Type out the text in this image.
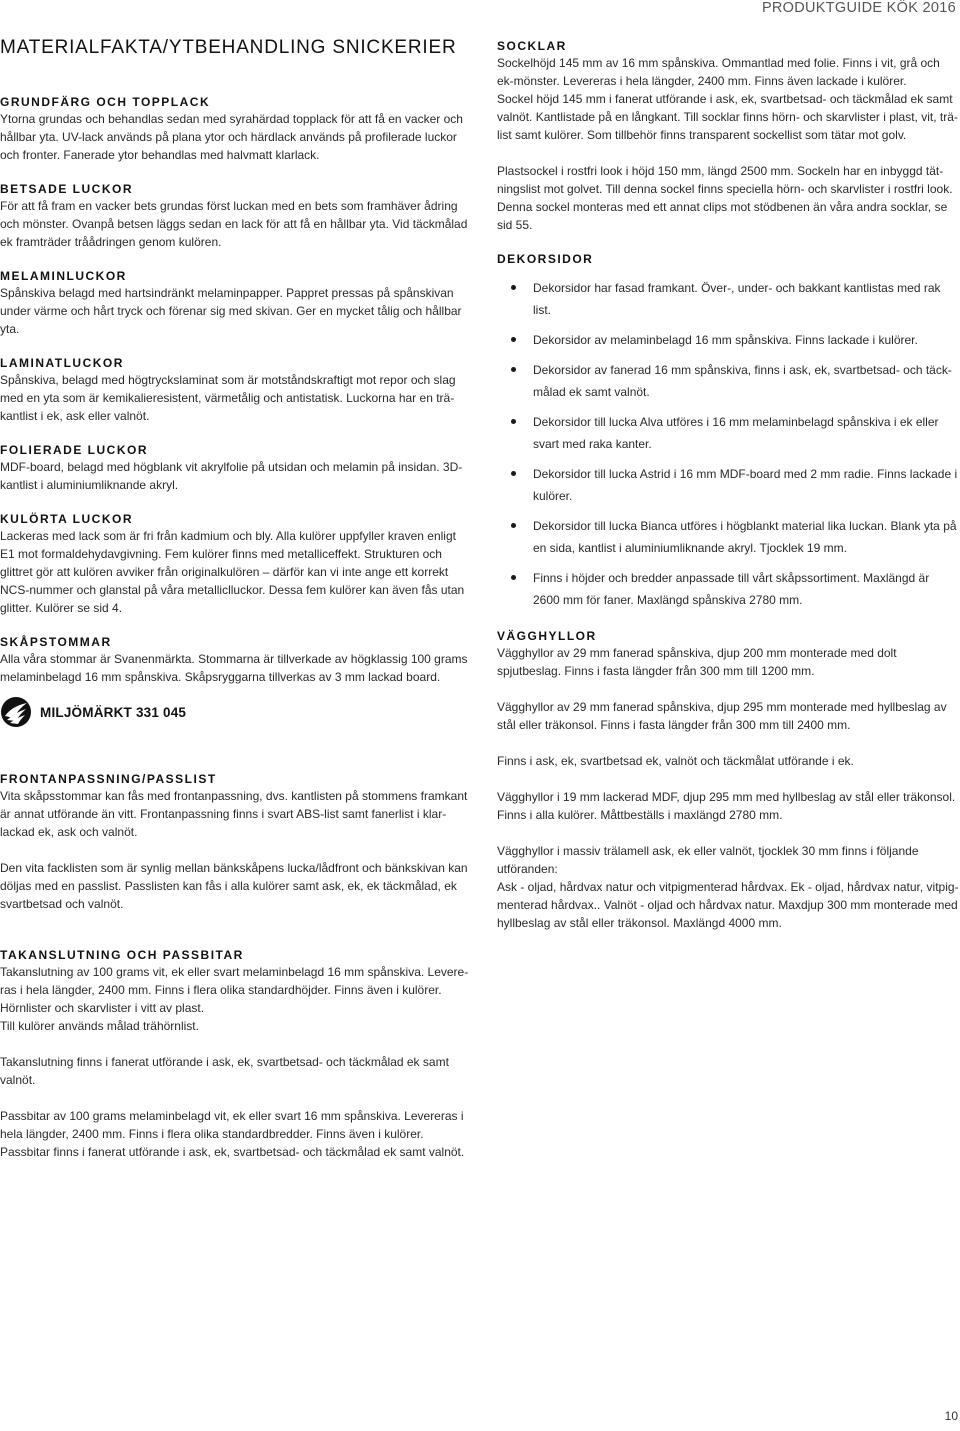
PRODUKTGUIDE KÖK 2016
MATERIALFAKTA/YTBEHANDLING SNICKERIER
GRUNDFÄRG OCH TOPPLACK

Ytorna grundas och behandlas sedan med syrahärdad topplack för att få en vacker och hållbar yta. UV-lack används på plana ytor och härdlack används på profilerade luckor och fronter. Fanerade ytor behandlas med halvmatt klarlack.

BETSADE LUCKOR

För att få fram en vacker bets grundas först luckan med en bets som framhäver ådring och mönster. Ovanpå betsen läggs sedan en lack för att få en hållbar yta. Vid täckmålad ek framträder tråådringen genom kulören.

MELAMINLUCKOR

Spånskiva belagd med hartsindränkt melaminpapper. Pappret pressas på spånskivan under värme och hårt tryck och förenar sig med skivan. Ger en mycket tålig och hållbar yta.

LAMINATLUCKOR

Spånskiva, belagd med högtryckslaminat som är motståndskraftigt mot repor och slag med en yta som är kemikalieresistent, värmetålig och antistatisk. Luckorna har en trä-kantlist i ek, ask eller valnöt.

FOLIERADE LUCKOR

MDF-board, belagd med högblank vit akrylfolie på utsidan och melamin på insidan. 3D-kantlist i aluminiumliknande akryl.

KULÖRTA LUCKOR

Lackeras med lack som är fri från kadmium och bly. Alla kulörer uppfyller kraven enligt E1 mot formaldehydavgivning. Fem kulörer finns med metalliceffekt. Strukturen och glittret gör att kulören avviker från originalkulören – därför kan vi inte ange ett korrekt NCS-nummer och glanstal på våra metalliclluckor. Dessa fem kulörer kan även fås utan glitter. Kulörer se sid 4.

SKÅPSTOMMAR

Alla våra stommar är Svanenmärkta. Stommarna är tillverkade av högklassig 100 grams melaminbelagd 16 mm spånskiva. Skåpsryggarna tillverkas av 3 mm lackad board.

MILJÖMÄRKT 331 045
FRONTANPASSNING/PASSLIST

Vita skåpsstommar kan fås med frontanpassning, dvs. kantlisten på stommens framkant är annat utförande än vitt. Frontanpassning finns i svart ABS-list samt fanerlist i klar-lackad ek, ask och valnöt.

Den vita facklisten som är synlig mellan bänkskåpens lucka/lådfront och bänkskivan kan döljas med en passlist. Passlisten kan fås i alla kulörer samt ask, ek, ek täckmålad, ek svartbetsad och valnöt.

SOCKLAR

Sockelhöjd 145 mm av 16 mm spånskiva. Ommantlad med folie. Finns i vit, grå och ek-mönster. Levereras i hela längder, 2400 mm. Finns även lackade i kulörer.

Sockel höjd 145 mm i fanerat utförande i ask, ek, svartbetsad- och täckmålad ek samt valnöt. Kantlistade på en långkant. Till socklar finns hörn- och skarvlister i plast, vit, trä-list samt kulörer. Som tillbehör finns transparent sockellist som tätar mot golv.

Plastsockel i rostfri look i höjd 150 mm, längd 2500 mm. Sockeln har en inbyggd tät-ningslist mot golvet. Till denna sockel finns speciella hörn- och skarvlister i rostfri look. Denna sockel monteras med ett annat clips mot stödbenen än våra andra socklar, se sid 55.

DEKORSIDOR
Dekorsidor har fasad framkant. Över-, under- och bakkant kantlistas med rak list.
Dekorsidor av melaminbelagd 16 mm spånskiva. Finns lackade i kulörer.
Dekorsidor av fanerad 16 mm spånskiva, finns i ask, ek, svartbetsad- och täck-målad ek samt valnöt.
Dekorsidor till lucka Alva utföres i 16 mm melaminbelagd spånskiva i ek eller svart med raka kanter.
Dekorsidor till lucka Astrid i 16 mm MDF-board med 2 mm radie. Finns lackade i kulörer.
Dekorsidor till lucka Bianca utföres i högblankt material lika luckan. Blank yta på en sida, kantlist i aluminiumliknande akryl. Tjocklek 19 mm.
Finns i höjder och bredder anpassade till vårt skåpssortiment. Maxlängd är 2600 mm för faner. Maxlängd spånskiva 2780 mm.
VÄGGHYLLOR

Vägghyllor av 29 mm fanerad spånskiva, djup 200 mm monterade med dolt spjutbeslag. Finns i fasta längder från 300 mm till 1200 mm.

Vägghyllor av 29 mm fanerad spånskiva, djup 295 mm monterade med hyllbeslag av stål eller träkonsol. Finns i fasta längder från 300 mm till 2400 mm.

Finns i ask, ek, svartbetsad ek, valnöt och täckmålat utförande i ek.

Vägghyllor i 19 mm lackerad MDF, djup 295 mm med hyllbeslag av stål eller träkonsol. Finns i alla kulörer. Måttbeställs i maxlängd 2780 mm.

Vägghyllor i massiv trälamell ask, ek eller valnöt, tjocklek 30 mm finns i följande utföranden:

Ask - oljad, hårdvax natur och vitpigmenterad hårdvax. Ek - oljad, hårdvax natur, vitpig-menterad hårdvax.. Valnöt - oljad och hårdvax natur. Maxdjup 300 mm monterade med hyllbeslag av stål eller träkonsol. Maxlängd 4000 mm.

TAKANSLUTNING OCH PASSBITAR

Takanslutning av 100 grams vit, ek eller svart melaminbelagd 16 mm spånskiva. Levere-ras i hela längder, 2400 mm. Finns i flera olika standardhöjder. Finns även i kulörer.

Hörnlister och skarvlister i vitt av plast.

Till kulörer används målad trähörnlist.

Takanslutning finns i fanerat utförande i ask, ek, svartbetsad- och täckmålad ek samt valnöt.

Passbitar av 100 grams melaminbelagd vit, ek eller svart 16 mm spånskiva. Levereras i hela längder, 2400 mm. Finns i flera olika standardbredder. Finns även i kulörer.

Passbitar finns i fanerat utförande i ask, ek, svartbetsad- och täckmålad ek samt valnöt.

10
